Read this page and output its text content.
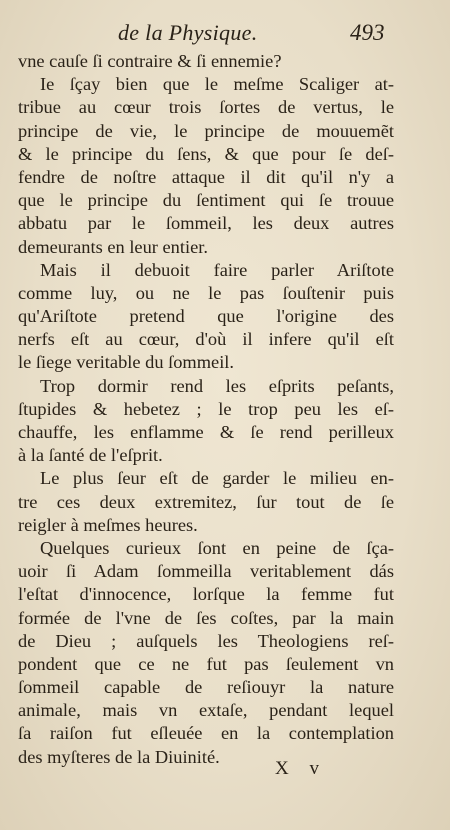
de la Physique.	493
vne cauſe ſi contraire & ſi ennemie?
Ie ſçay bien que le meſme Scaliger at-
tribue au cœur trois ſortes de vertus, le
principe de vie, le principe de mouuemẽt
& le principe du ſens, & que pour ſe deſ-
fendre de noſtre attaque il dit qu'il n'y a
que le principe du ſentiment qui ſe trouue
abbatu par le ſommeil, les deux autres
demeurants en leur entier.
Mais il debuoit faire parler Ariſtote
comme luy, ou ne le pas ſouſtenir puis
qu'Ariſtote pretend que l'origine des
nerfs eſt au cœur, d'où il infere qu'il eſt
le ſiege veritable du ſommeil.
Trop dormir rend les eſprits peſants,
ſtupides & hebetez ; le trop peu les eſ-
chauffe, les enflamme & ſe rend perilleux
à la ſanté de l'eſprit.
Le plus ſeur eſt de garder le milieu en-
tre ces deux extremitez, ſur tout de ſe
reigler à meſmes heures.
Quelques curieux ſont en peine de ſça-
uoir ſi Adam ſommeilla veritablement dás
l'eſtat d'innocence, lorſque la femme fut
formée de l'vne de ſes coſtes, par la main
de Dieu ; auſquels les Theologiens reſ-
pondent que ce ne fut pas ſeulement vn
ſommeil capable de reſiouyr la nature
animale, mais vn extaſe, pendant lequel
ſa raiſon fut eſleuée en la contemplation
des myſteres de la Diuinité.
X v
